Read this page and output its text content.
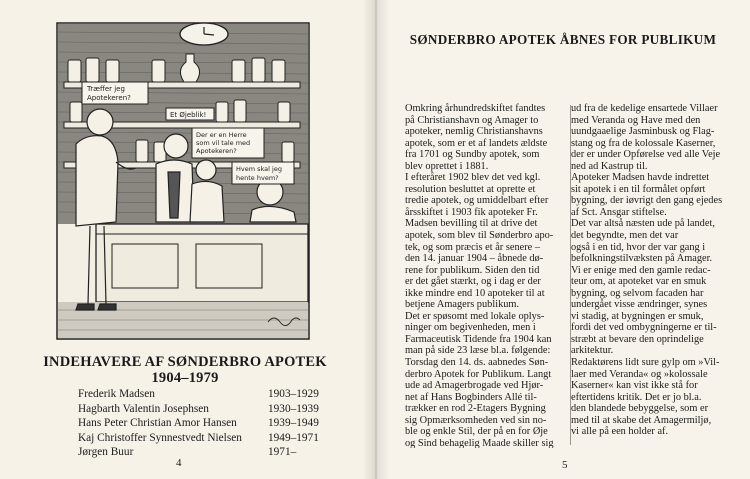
Træffer jeg
Apotekeren?
Et Øjeblik!
Der er en Herre
som vil tale med
Apotekeren?
Hvem skal jeg
hente hvem?
INDEHAVERE AF SØNDERBRO APOTEK
1904–1979
Frederik Madsen	1903–1929
Hagbarth Valentin Josephsen	1930–1939
Hans Peter Christian Amor Hansen	1939–1949
Kaj Christoffer Synnestvedt Nielsen 1949–1971
Jørgen Buur	1971–
4
SØNDERBRO APOTEK ÅBNES FOR PUBLIKUM
Omkring århundredskiftet fandtes
på Christianshavn og Amager to
apoteker, nemlig Christianshavns
apotek, som er et af landets ældste
fra 1701 og Sundby apotek, som
blev oprettet i 1881.
I efteråret 1902 blev det ved kgl.
resolution besluttet at oprette et
tredie apotek, og umiddelbart efter
årsskiftet i 1903 fik apoteker Fr.
Madsen bevilling til at drive det
apotek, som blev til Sønderbro apo-
tek, og som præcis et år senere –
den 14. januar 1904 – åbnede dø-
rene for publikum. Siden den tid
er det gået stærkt, og i dag er der
ikke mindre end 10 apoteker til at
betjene Amagers publikum.
Det er spøsomt med lokale oplys-
ninger om begivenheden, men i
Farmaceutisk Tidende fra 1904 kan
man på side 23 læse bl.a. følgende:
Torsdag den 14. ds. aabnedes Søn-
derbro Apotek for Publikum. Langt
ude ad Amagerbrogade ved Hjør-
net af Hans Bogbinders Allé til-
trækker en rod 2-Etagers Bygning
sig Opmærksomheden ved sin no-
ble og enkle Stil, der på en for Øje
og Sind behagelig Maade skiller sig
ud fra de kedelige ensartede Villaer
med Veranda og Have med den
uundgaaelige Jasminbusk og Flag-
stang og fra de kolossale Kaserner,
der er under Opførelse ved alle Veje
ned ad Kastrup til.
Apoteker Madsen havde indrettet
sit apotek i en til formålet opført
bygning, der iøvrigt den gang ejedes
af Sct. Ansgar stiftelse.
Det var altså næsten ude på landet,
det begyndte, men det var
også i en tid, hvor der var gang i
befolkningstilvæksten på Amager.
Vi er enige med den gamle redac-
teur om, at apoteket var en smuk
bygning, og selvom facaden har
undergået visse ændringer, synes
vi stadig, at bygningen er smuk,
fordi det ved ombygningerne er til-
stræbt at bevare den oprindelige
arkitektur.
Redaktørens lidt sure gylp om »Vil-
laer med Veranda« og »kolossale
Kaserner« kan vist ikke stå for
eftertidens kritik. Det er jo bl.a.
den blandede bebyggelse, som er
med til at skabe det Amagermiljø,
vi alle på een holder af.
5
